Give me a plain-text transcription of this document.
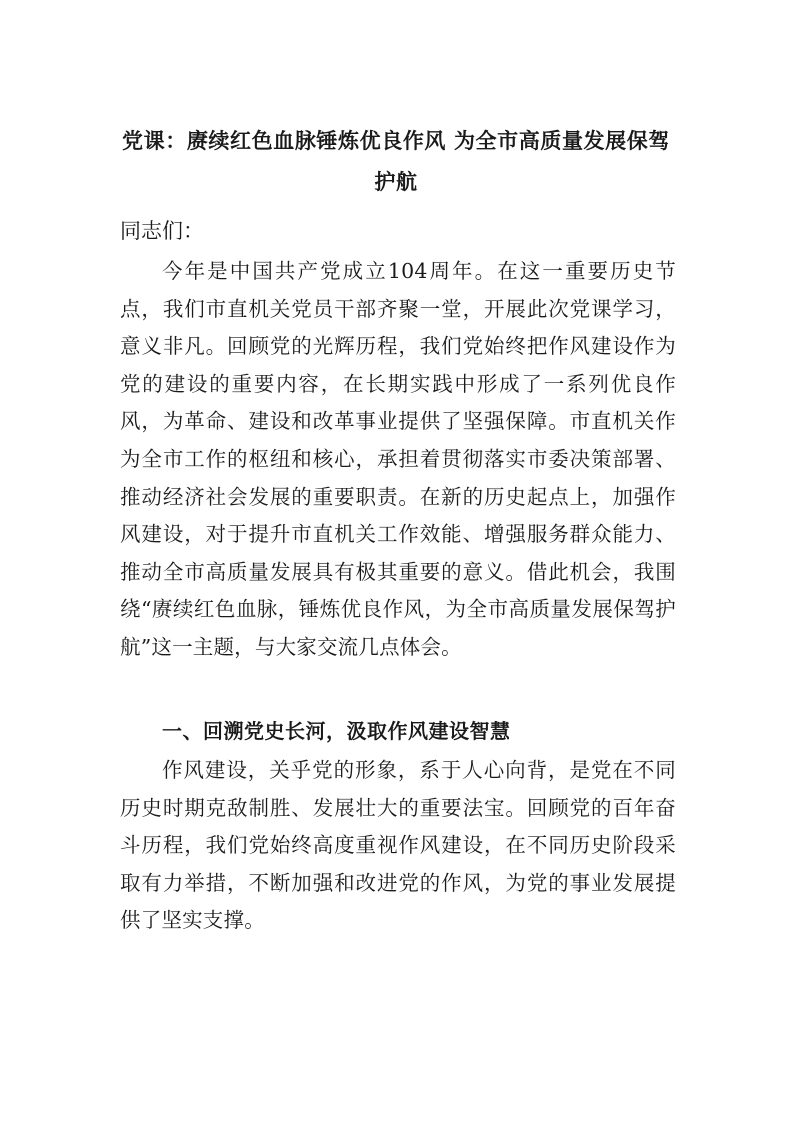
党课：赓续红色血脉锤炼优良作风 为全市高质量发展保驾护航

同志们：

今年是中国共产党成立104周年。在这一重要历史节点，我们市直机关党员干部齐聚一堂，开展此次党课学习，意义非凡。回顾党的光辉历程，我们党始终把作风建设作为党的建设的重要内容，在长期实践中形成了一系列优良作风，为革命、建设和改革事业提供了坚强保障。市直机关作为全市工作的枢纽和核心，承担着贯彻落实市委决策部署、推动经济社会发展的重要职责。在新的历史起点上，加强作风建设，对于提升市直机关工作效能、增强服务群众能力、推动全市高质量发展具有极其重要的意义。借此机会，我围绕“赓续红色血脉，锤炼优良作风，为全市高质量发展保驾护航”这一主题，与大家交流几点体会。

一、回溯党史长河，汲取作风建设智慧

作风建设，关乎党的形象，系于人心向背，是党在不同历史时期克敌制胜、发展壮大的重要法宝。回顾党的百年奋斗历程，我们党始终高度重视作风建设，在不同历史阶段采取有力举措，不断加强和改进党的作风，为党的事业发展提供了坚实支撑。
